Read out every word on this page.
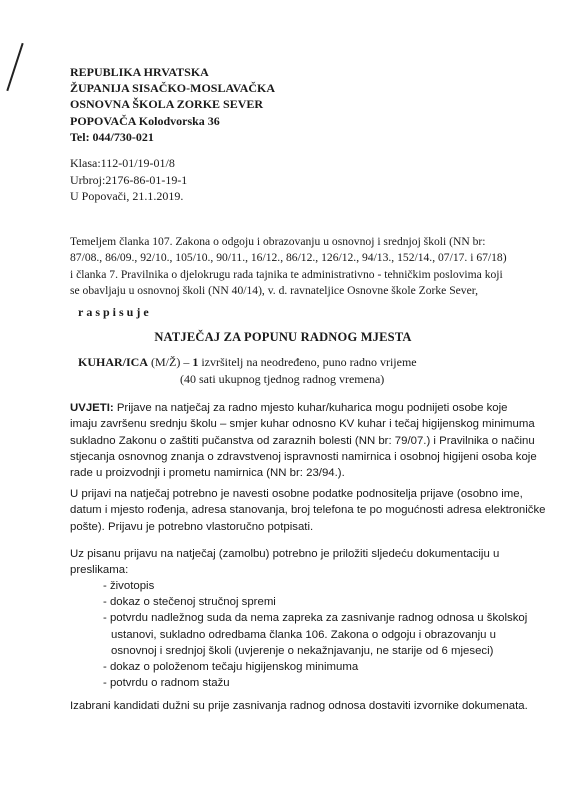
REPUBLIKA HRVATSKA
ŽUPANIJA SISAČKO-MOSLAVAČKA
OSNOVNA ŠKOLA ZORKE SEVER
POPOVAČA Kolodvorska 36
Tel: 044/730-021
Klasa:112-01/19-01/8
Urbroj:2176-86-01-19-1
U Popovači, 21.1.2019.
Temeljem članka 107. Zakona o odgoju i obrazovanju u osnovnoj i srednjoj školi (NN br:
87/08., 86/09., 92/10., 105/10., 90/11., 16/12., 86/12., 126/12., 94/13., 152/14., 07/17. i 67/18)
i članka 7. Pravilnika o djelokrugu rada tajnika te administrativno - tehničkim poslovima koji
se obavljaju u osnovnoj školi (NN 40/14), v. d. ravnateljice Osnovne škole Zorke Sever,
raspisuje
NATJEČAJ ZA POPUNU RADNOG MJESTA
KUHAR/ICA (M/Ž) – 1 izvršitelj na neodređeno, puno radno vrijeme
(40 sati ukupnog tjednog radnog vremena)
UVJETI: Prijave na natječaj za radno mjesto kuhar/kuharica mogu podnijeti osobe koje
imaju završenu srednju školu – smjer kuhar odnosno KV kuhar i tečaj higijenskog minimuma
sukladno Zakonu o zaštiti pučanstva od zaraznih bolesti (NN br: 79/07.) i Pravilnika o načinu
stjecanja osnovnog znanja o zdravstvenoj ispravnosti namirnica i osobnoj higijeni osoba koje
rade u proizvodnji i prometu namirnica (NN br: 23/94.).
U prijavi na natječaj potrebno je navesti osobne podatke podnositelja prijave (osobno ime,
datum i mjesto rođenja, adresa stanovanja, broj telefona te po mogućnosti adresa elektroničke
pošte). Prijavu je potrebno vlastoručno potpisati.
Uz pisanu prijavu na natječaj (zamolbu) potrebno je priložiti sljedeću dokumentaciju u
preslikama:
- životopis
- dokaz o stečenoj stručnoj spremi
- potvrdu nadležnog suda da nema zapreka za zasnivanje radnog odnosa u školskoj
ustanovi, sukladno odredbama članka 106. Zakona o odgoju i obrazovanju u
osnovnoj i srednjoj školi (uvjerenje o nekažnjavanju, ne starije od 6 mjeseci)
- dokaz o položenom tečaju higijenskog minimuma
- potvrdu o radnom stažu
Izabrani kandidati dužni su prije zasnivanja radnog odnosa dostaviti izvornike dokumenata.
